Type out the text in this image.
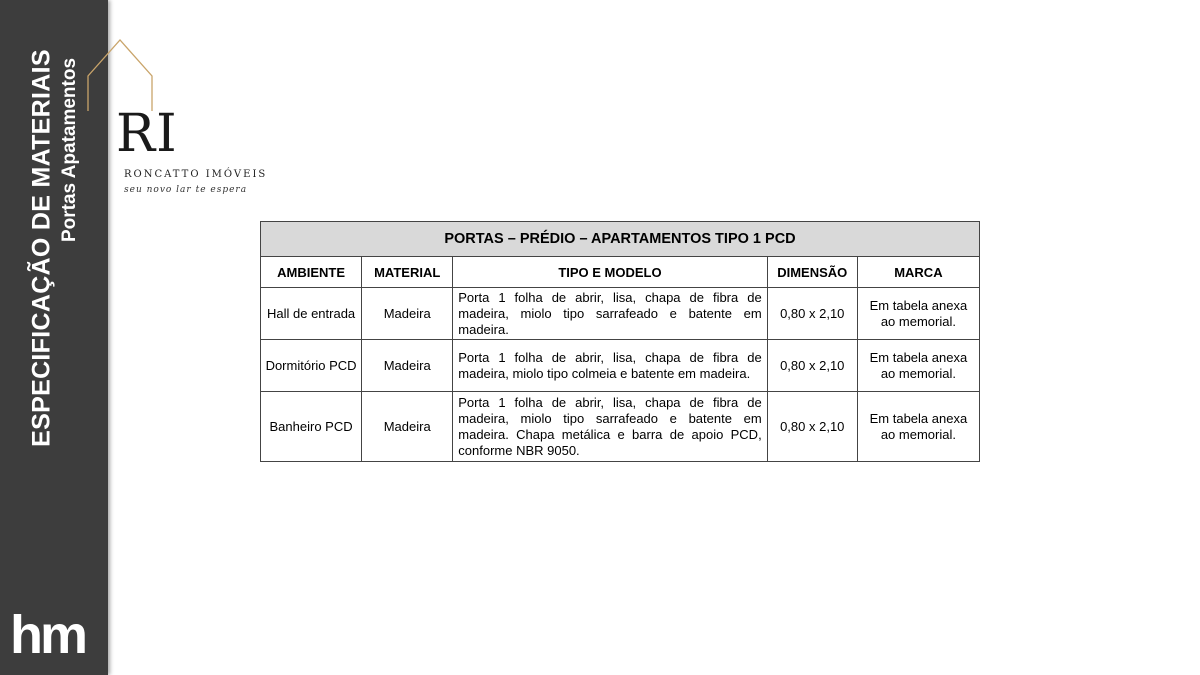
ESPECIFICAÇÃO DE MATERIAIS Portas Apatamentos
hm
RI
RONCATTO IMÓVEIS
seu novo lar te espera
PORTAS – PRÉDIO – APARTAMENTOS TIPO 1 PCD				
AMBIENTE	MATERIAL	TIPO E MODELO	DIMENSÃO	MARCA
Hall de entrada	Madeira	Porta 1 folha de abrir, lisa, chapa de fibra de madeira, miolo tipo sarrafeado e batente em madeira.	0,80 x 2,10	Em tabela anexa ao memorial.
Dormitório PCD	Madeira	Porta 1 folha de abrir, lisa, chapa de fibra de madeira, miolo tipo colmeia e batente em madeira.	0,80 x 2,10	Em tabela anexa ao memorial.
Banheiro PCD	Madeira	Porta 1 folha de abrir, lisa, chapa de fibra de madeira, miolo tipo sarrafeado e batente em madeira. Chapa metálica e barra de apoio PCD, conforme NBR 9050.	0,80 x 2,10	Em tabela anexa ao memorial.
